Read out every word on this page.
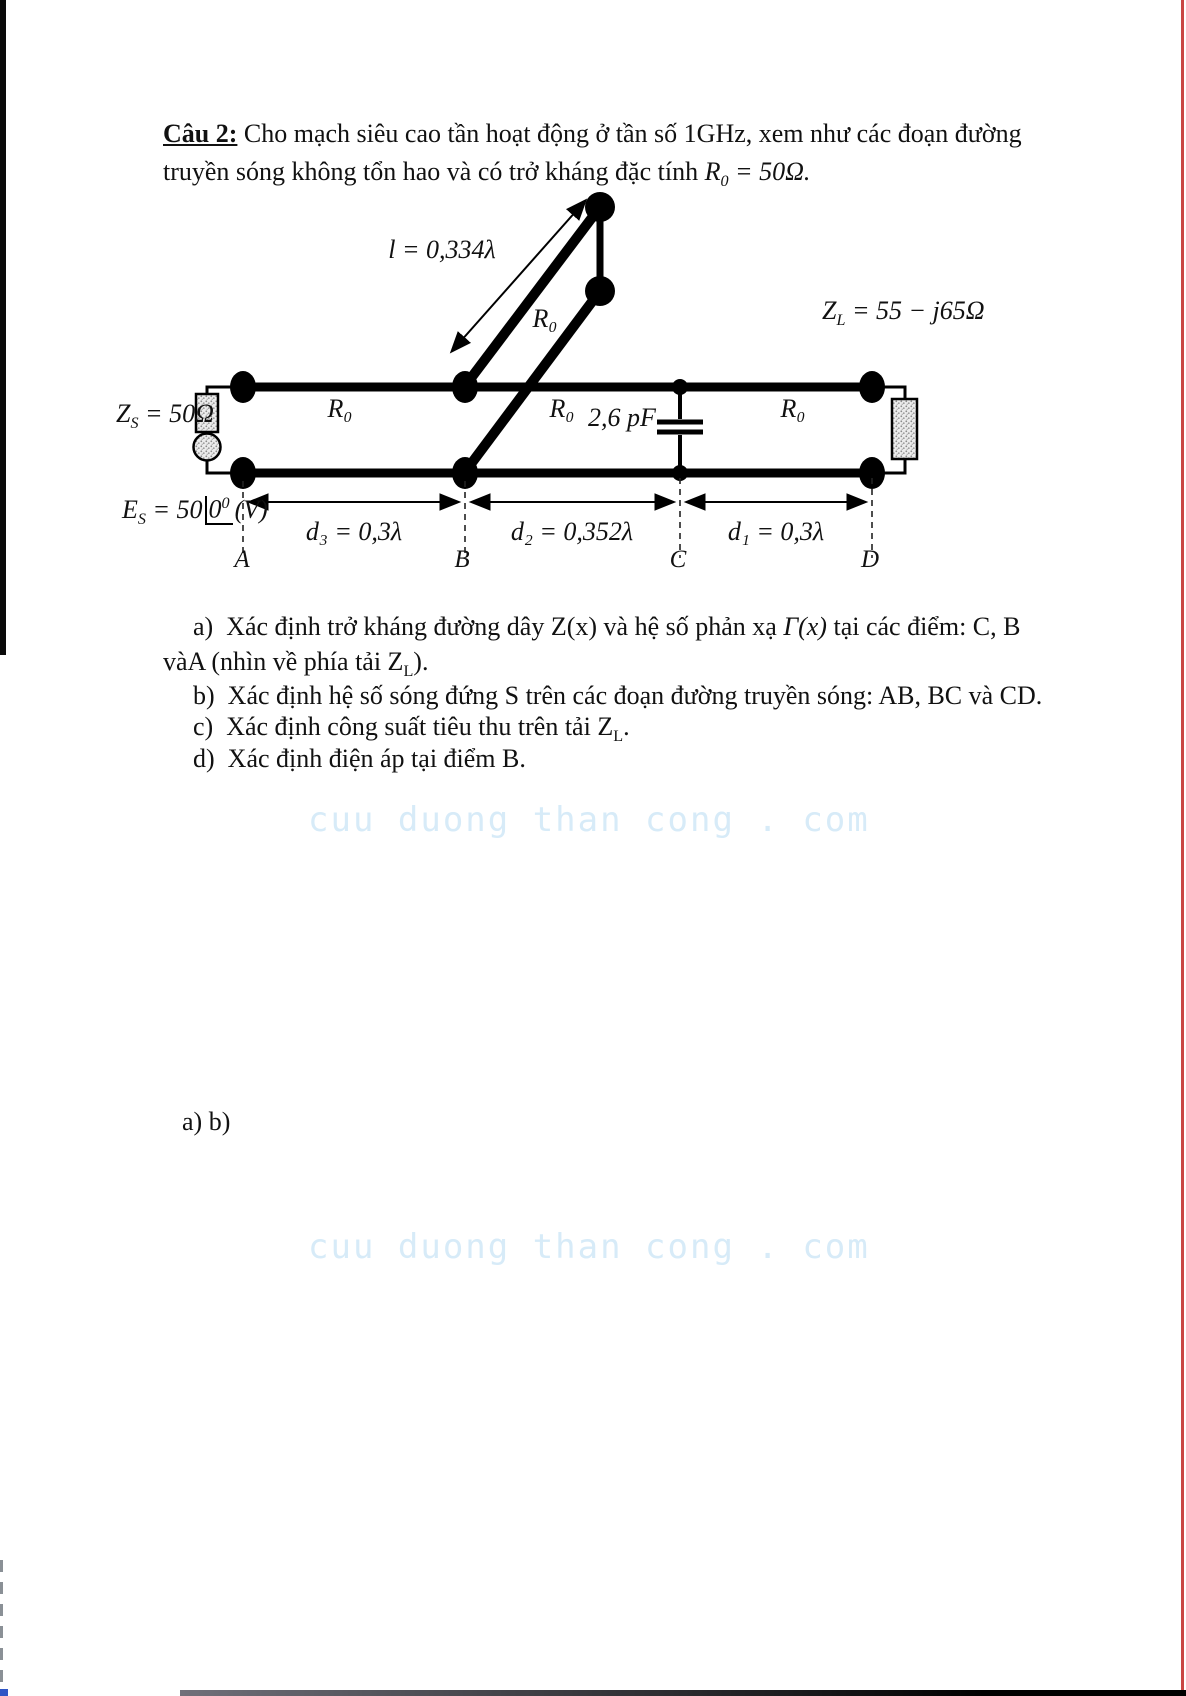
Câu 2: Cho mạch siêu cao tần hoạt động ở tần số 1GHz, xem như các đoạn đường
truyền sóng không tổn hao và có trở kháng đặc tính $R_0 = 50\Omega$.
l = 0,334λ
R₀	$Z_L = 55 - j65\Omega$
$Z_S = 50\Omega$
$E_S = 50$ $0^0$ (V)
R₀	R₀	R₀
2,6 pF
d₃ = 0,3λ	d₂ = 0,352λ	d₁ = 0,3λ
A	B	C	D
a) Xác định trở kháng đường dây Z(x) và hệ số phản xạ Γ(x) tại các điểm: C, B
vàA (nhìn về phía tải $Z_L$).
b) Xác định hệ số sóng đứng S trên các đoạn đường truyền sóng: AB, BC và CD.
c) Xác định công suất tiêu thu trên tải $Z_L$.
d) Xác định điện áp tại điểm B.
cuu duong than cong . com
cuu duong than cong . com
a) b)
